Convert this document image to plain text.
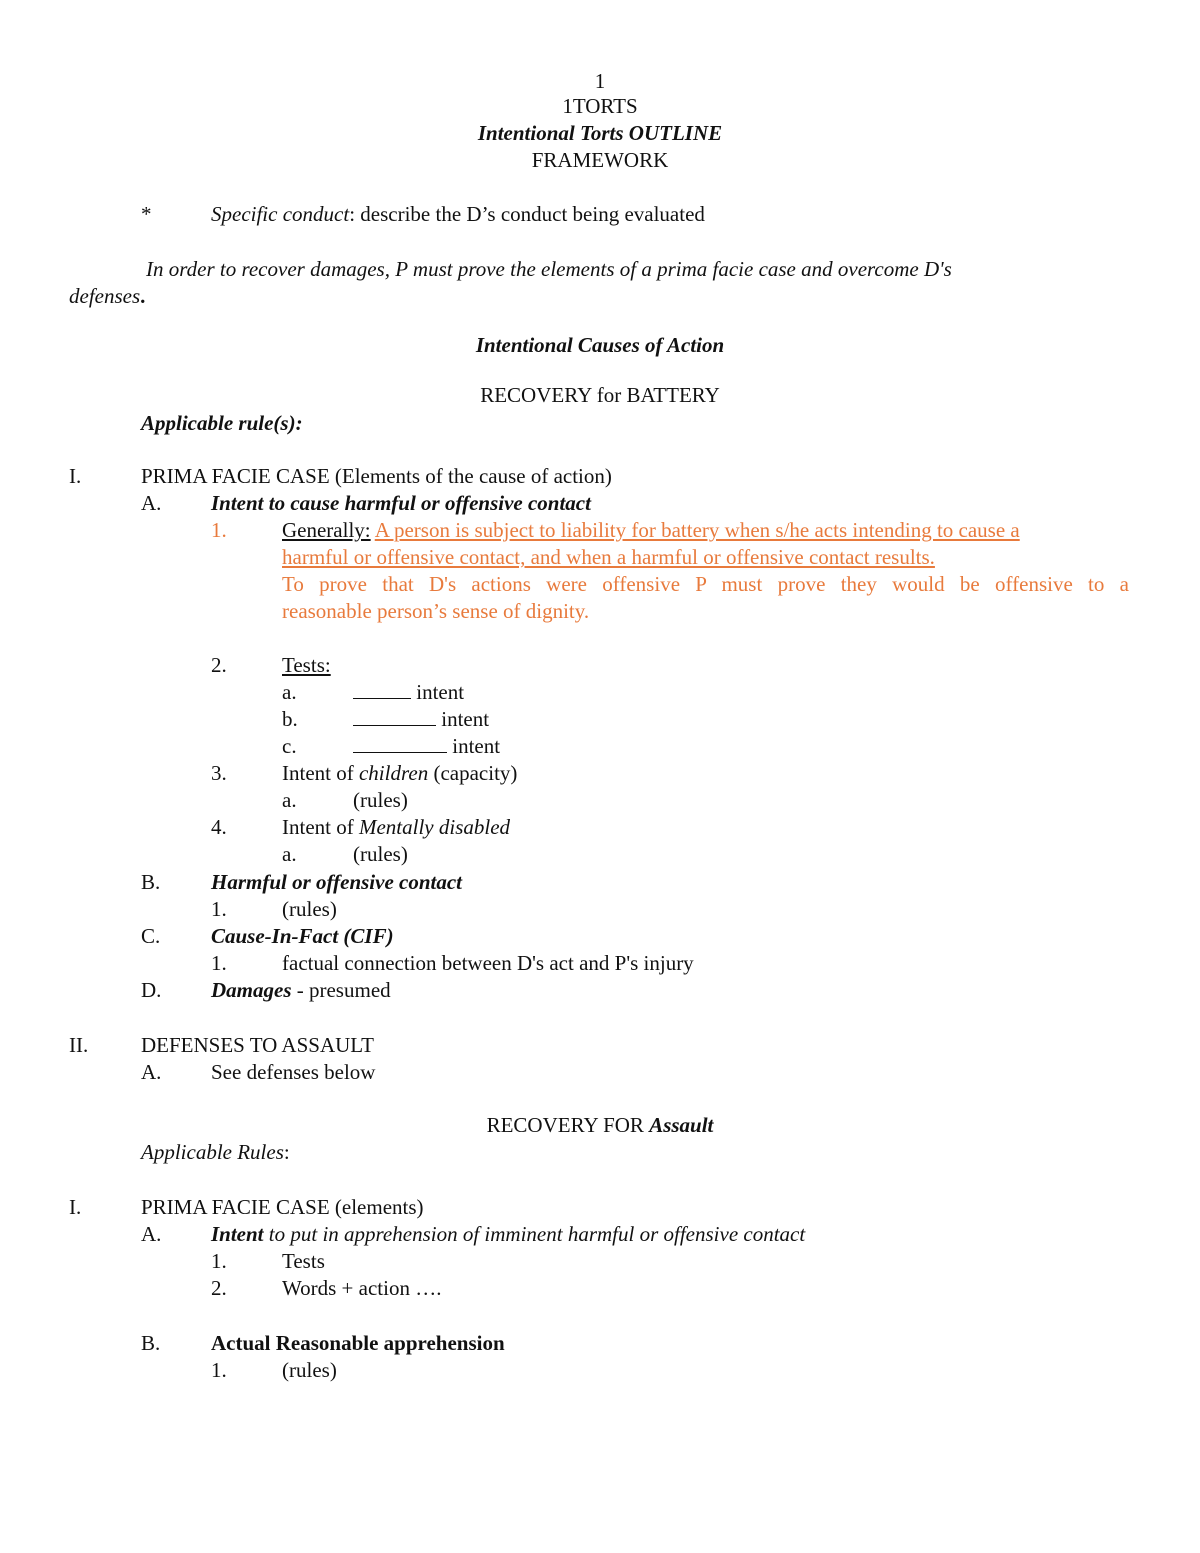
1
1TORTS
Intentional Torts OUTLINE
FRAMEWORK
*	Specific conduct: describe the D’s conduct being evaluated
In order to recover damages, P must prove the elements of a prima facie case and overcome D's
defenses.
Intentional Causes of Action
RECOVERY for BATTERY
Applicable rule(s):
I.	PRIMA FACIE CASE (Elements of the cause of action)
A. Intent to cause harmful or offensive contact
1.	Generally: A person is subject to liability for battery when s/he acts intending to cause a
harmful or offensive contact, and when a harmful or offensive contact results.
To prove that D's actions were offensive P must prove they would be offensive to a
reasonable person’s sense of dignity.
2.	Tests:
a.	intent
b.	intent
c.	intent
3.	Intent of children (capacity)
a.	(rules)
4.	Intent of Mentally disabled
a.	(rules)
B. Harmful or offensive contact
1.	(rules)
C. Cause-In-Fact (CIF)
1.	factual connection between D's act and P's injury
D. Damages - presumed
II.	DEFENSES TO ASSAULT
A. See defenses below
RECOVERY FOR Assault
Applicable Rules:
I.	PRIMA FACIE CASE (elements)
A. Intent to put in apprehension of imminent harmful or offensive contact
1.	Tests
2.	Words + action ….
B. Actual Reasonable apprehension
1.	(rules)
